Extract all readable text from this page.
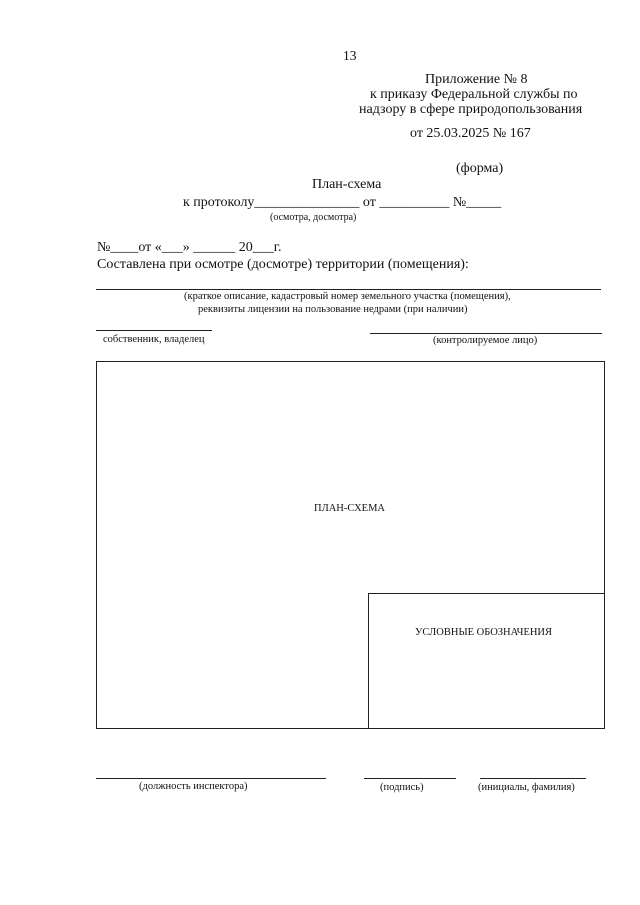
13
Приложение № 8
к приказу Федеральной службы по
надзору в сфере природопользования
от 25.03.2025 № 167
(форма)
План-схема
к протоколу_______________ от __________ №_____
(осмотра, досмотра)
№____от «___» ______ 20___г.
Составлена при осмотре (досмотре) территории (помещения):
(краткое описание, кадастровый номер земельного участка (помещения),
реквизиты лицензии на пользование недрами (при наличии)
собственник, владелец	(контролируемое лицо)
ПЛАН-СХЕМА
УСЛОВНЫЕ ОБОЗНАЧЕНИЯ
(должность инспектора)	(подпись)	(инициалы, фамилия)
